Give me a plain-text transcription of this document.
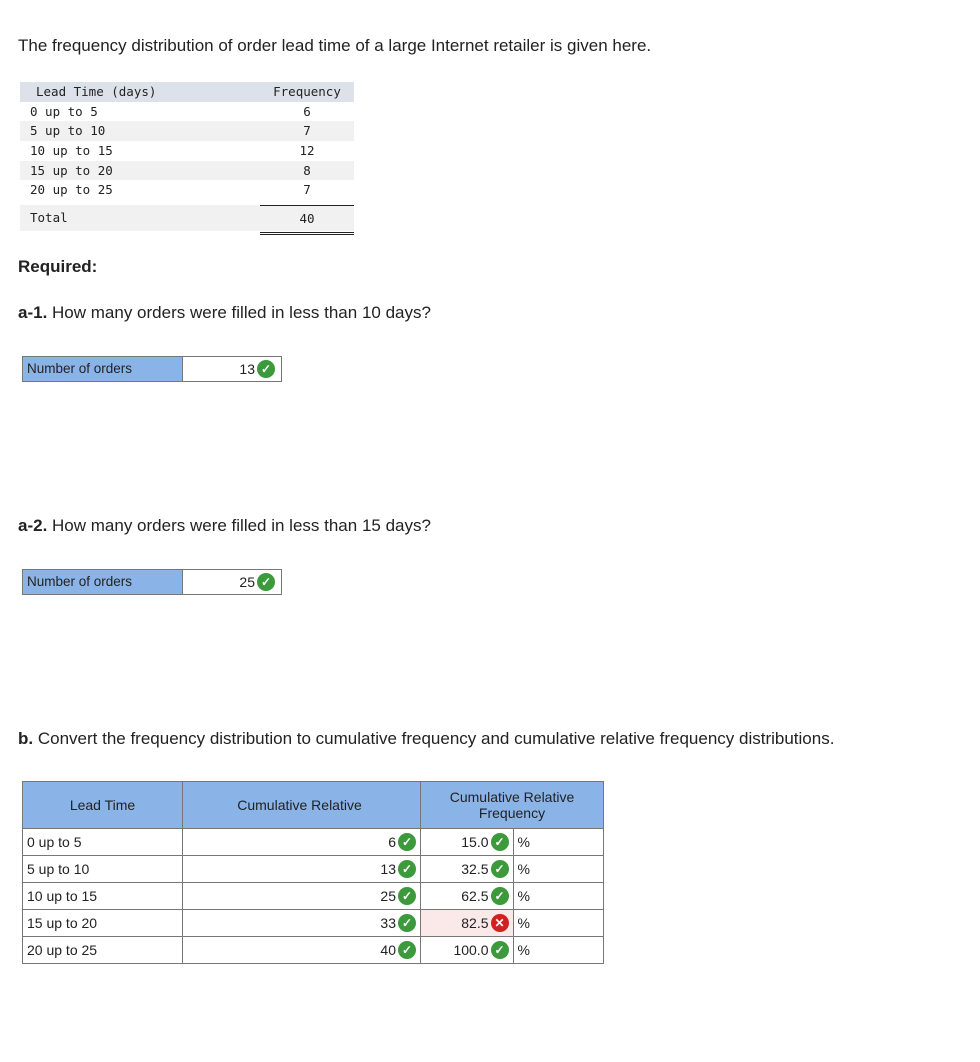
The frequency distribution of order lead time of a large Internet retailer is given here.
Lead Time (days)	Frequency
0 up to 5	6
5 up to 10	7
10 up to 15	12
15 up to 20	8
20 up to 25	7
Total	40
Required:
a-1. How many orders were filled in less than 10 days?
Number of orders	13 ✓
a-2. How many orders were filled in less than 15 days?
Number of orders	25 ✓
b. Convert the frequency distribution to cumulative frequency and cumulative relative frequency distributions.
Lead Time	Cumulative Relative	Cumulative Relative Frequency	
0 up to 5	6 ✓	15.0 ✓	%
5 up to 10	13 ✓	32.5 ✓	%
10 up to 15	25 ✓	62.5 ✓	%
15 up to 20	33 ✓	82.5 ✕	%
20 up to 25	40 ✓	100.0 ✓	%
